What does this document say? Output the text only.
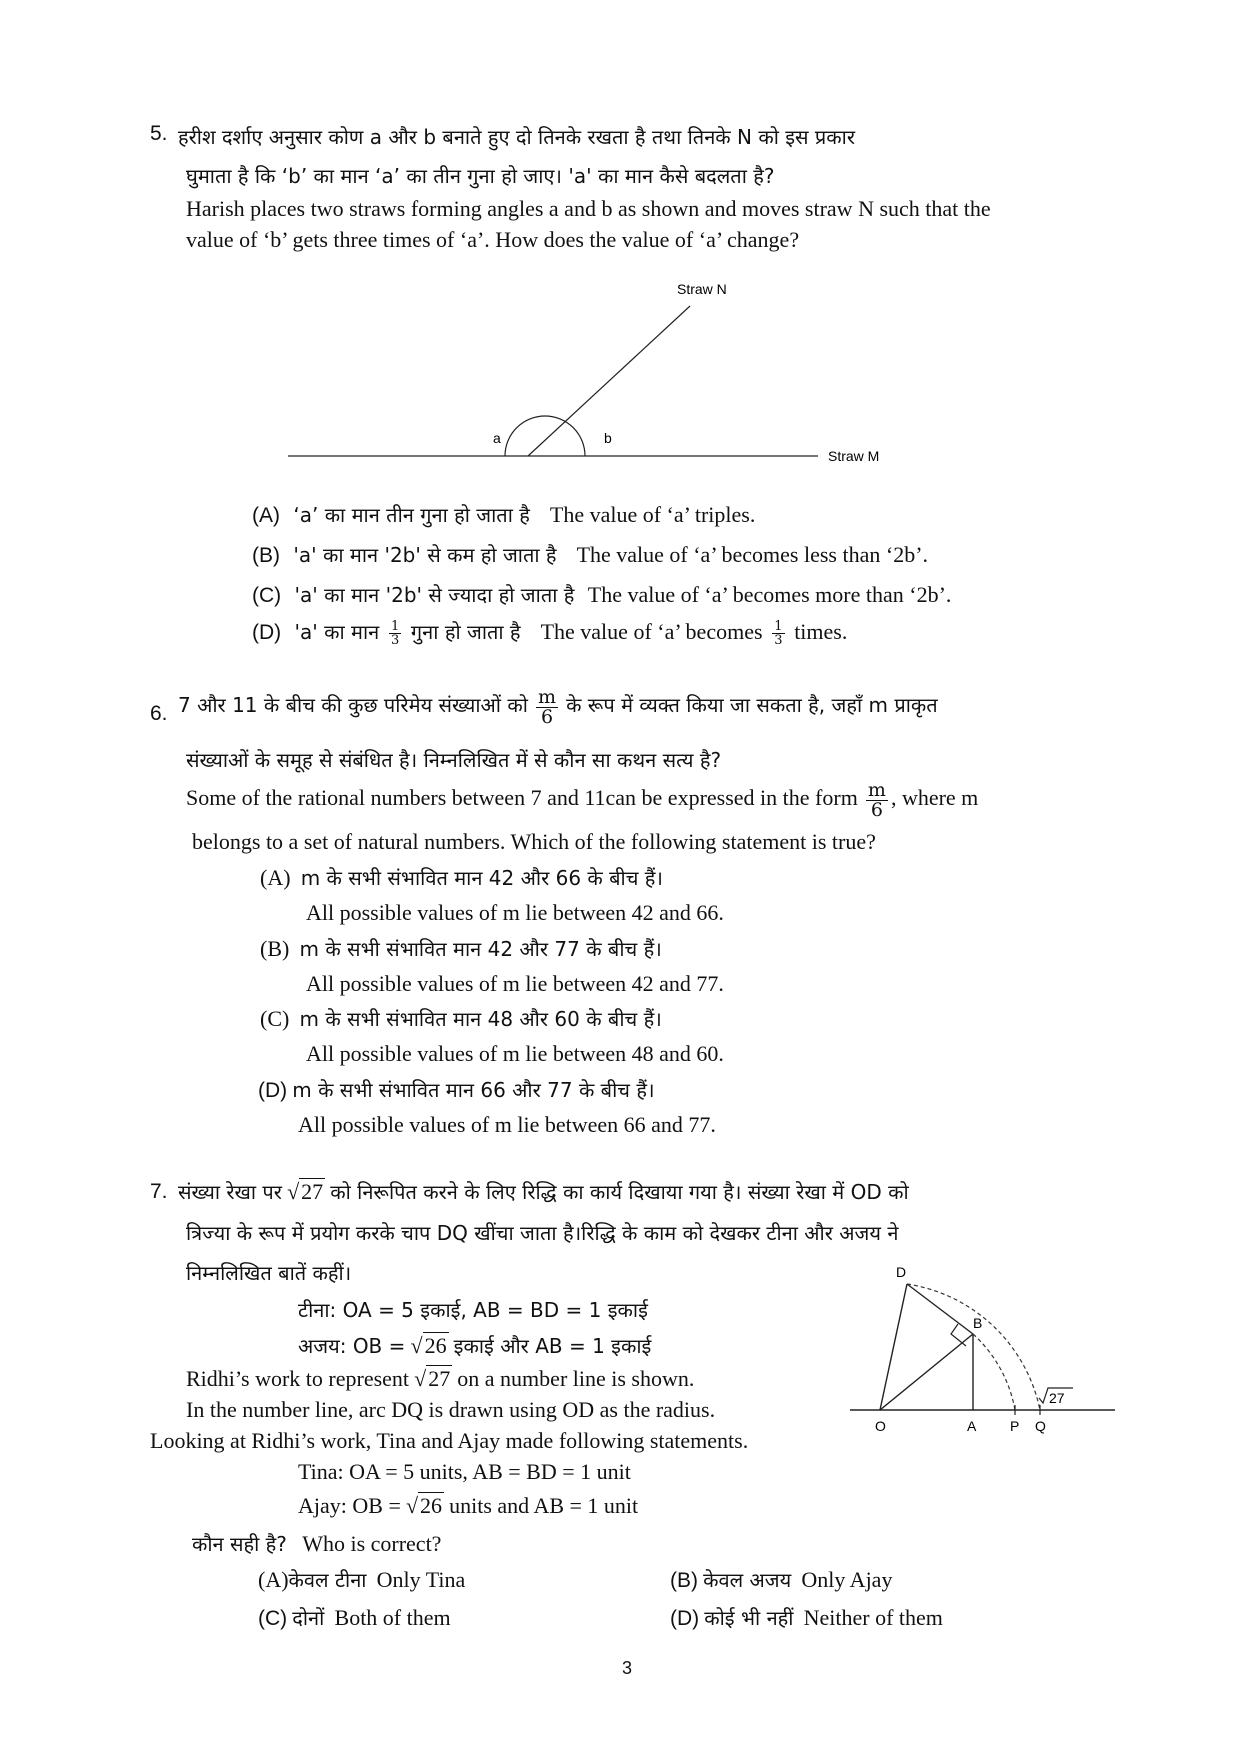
5. हरीश दर्शाए अनुसार कोण a और b बनाते हुए दो तिनके रखता है तथा तिनके N को इस प्रकार
घुमाता है कि ‘b’ का मान ‘a’ का तीन गुना हो जाए। 'a' का मान कैसे बदलता है?
Harish places two straws forming angles a and b as shown and moves straw N such that the
value of ‘b’ gets three times of ‘a’. How does the value of ‘a’ change?
Straw N
Straw M
a	b
(A) ‘a’ का मान तीन गुना हो जाता है The value of ‘a’ triples.
(B) 'a' का मान '2b' से कम हो जाता है The value of ‘a’ becomes less than ‘2b’.
(C) 'a' का मान '2b' से ज्यादा हो जाता है The value of ‘a’ becomes more than ‘2b’.
(D) 'a' का मान $\frac{1}{3}$ गुना हो जाता है The value of ‘a’ becomes $\frac{1}{3}$ times.
6. 7 और 11 के बीच की कुछ परिमेय संख्याओं को $\frac{m}{6}$ के रूप में व्यक्त किया जा सकता है, जहाँ m प्राकृत
संख्याओं के समूह से संबंधित है। निम्नलिखित में से कौन सा कथन सत्य है?
Some of the rational numbers between 7 and 11can be expressed in the form $\frac{m}{6}$ , where m
belongs to a set of natural numbers. Which of the following statement is true?
(A) m के सभी संभावित मान 42 और 66 के बीच हैं।
All possible values of m lie between 42 and 66.
(B) m के सभी संभावित मान 42 और 77 के बीच हैं।
All possible values of m lie between 42 and 77.
(C) m के सभी संभावित मान 48 और 60 के बीच हैं।
All possible values of m lie between 48 and 60.
(D) m के सभी संभावित मान 66 और 77 के बीच हैं।
All possible values of m lie between 66 and 77.
7. संख्या रेखा पर √27 को निरूपित करने के लिए रिद्धि का कार्य दिखाया गया है। संख्या रेखा में OD को
त्रिज्या के रूप में प्रयोग करके चाप DQ खींचा जाता है।रिद्धि के काम को देखकर टीना और अजय ने
निम्नलिखित बातें कहीं।
टीना: OA = 5 इकाई, AB = BD = 1 इकाई
अजय: OB = √26 इकाई और AB = 1 इकाई
Ridhi’s work to represent √27 on a number line is shown.
In the number line, arc DQ is drawn using OD as the radius.
Looking at Ridhi’s work, Tina and Ajay made following statements.
Tina: OA = 5 units, AB = BD = 1 unit
Ajay: OB = √26 units and AB = 1 unit
कौन सही है? Who is correct?
D
B
O	A P Q
27
(A)केवल टीना Only Tina	(B) केवल अजय Only Ajay
(C) दोनों Both of them	(D) कोई भी नहीं Neither of them
3
